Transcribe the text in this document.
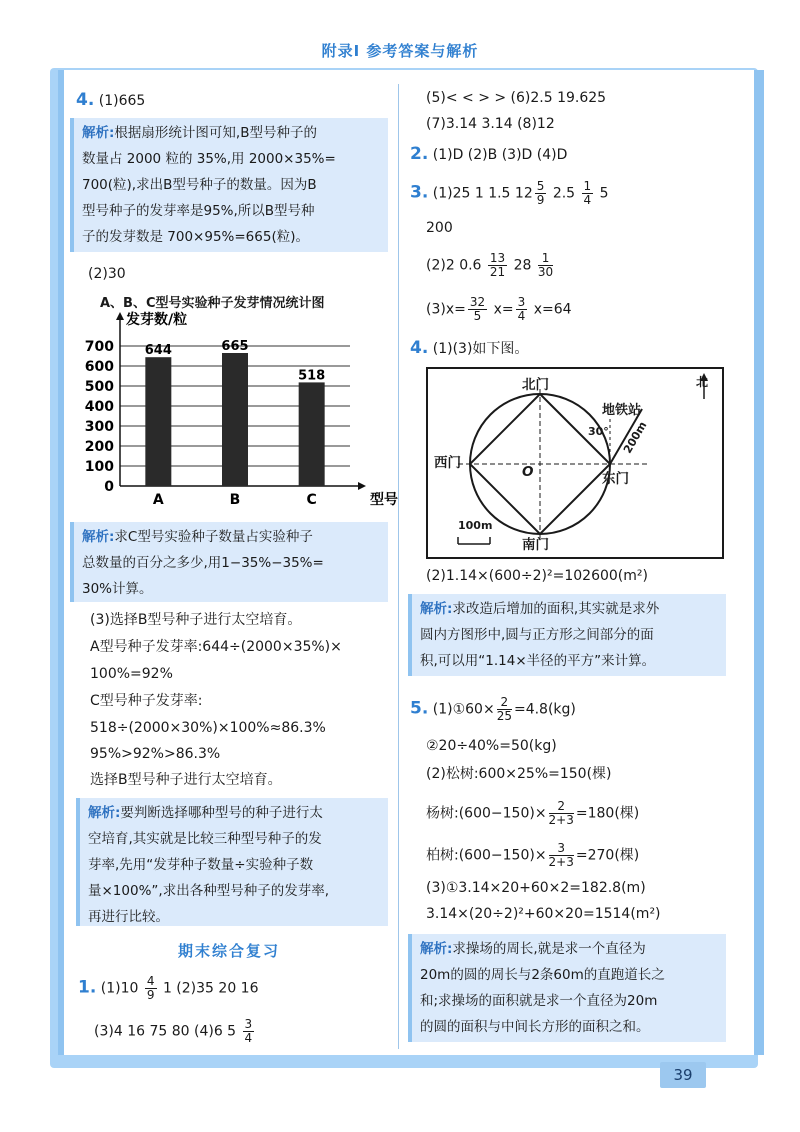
附录Ⅰ 参考答案与解析
4. (1)665
解析:根据扇形统计图可知,B型号种子的
数量占 2000 粒的 35%,用 2000×35%=
700(粒),求出B型号种子的数量。因为B
型号种子的发芽率是95%,所以B型号种
子的发芽数是 700×95%=665(粒)。
(2)30
A、B、C型号实验种子发芽情况统计图
0
100
200
300
400
500
600
700
发芽数/粒
型号
644
A
665
B
518
C
解析:求C型号实验种子数量占实验种子
总数量的百分之多少,用1−35%−35%=
30%计算。
(3)选择B型号种子进行太空培育。
A型号种子发芽率:644÷(2000×35%)×
100%=92%
C型号种子发芽率:
518÷(2000×30%)×100%≈86.3%
95%>92%>86.3%
选择B型号种子进行太空培育。
解析:要判断选择哪种型号的种子进行太
空培育,其实就是比较三种型号种子的发
芽率,先用“发芽种子数量÷实验种子数
量×100%”,求出各种型号种子的发芽率,
再进行比较。
期末综合复习
1. $(1)10 \frac{4}{9} 1$ (2)35 20 16
(3)4 16 75 80 (4)6 $5 \frac{3}{4}$
(5)< < > > (6)2.5 19.625
(7)3.14 3.14 (8)12
2. (1)D (2)B (3)D (4)D
3. (1)25 1 1.5 $12 \frac{5}{9} 2.5 \frac{1}{4} 5$
200
(2)2 $0.6 \frac{13}{21} 28 \frac{1}{30}$
$(3)x= \frac{32}{5} x= \frac{3}{4} x=64$
4. (1)(3)如下图。
北门
南门
西门
东门
O
北
地铁站
30° 200m
100m
(2)1.14×(600÷2)²=102600(m²)
解析:求改造后增加的面积,其实就是求外
圆内方图形中,圆与正方形之间部分的面
积,可以用“1.14×半径的平方”来计算。
5. (1)①60× $\frac{2}{25} =4.8(kg)$
②20÷40%=50(kg)
(2)松树:600×25%=150(棵)
杨树:(600−150)× $\frac{2}{2+3} =180$(棵)
柏树:(600−150)× $\frac{3}{2+3} =270$(棵)
(3)①3.14×20+60×2=182.8(m)
3.14×(20÷2)²+60×20=1514(m²)
解析:求操场的周长,就是求一个直径为
20m的圆的周长与2条60m的直跑道长之
和;求操场的面积就是求一个直径为20m
的圆的面积与中间长方形的面积之和。
39
